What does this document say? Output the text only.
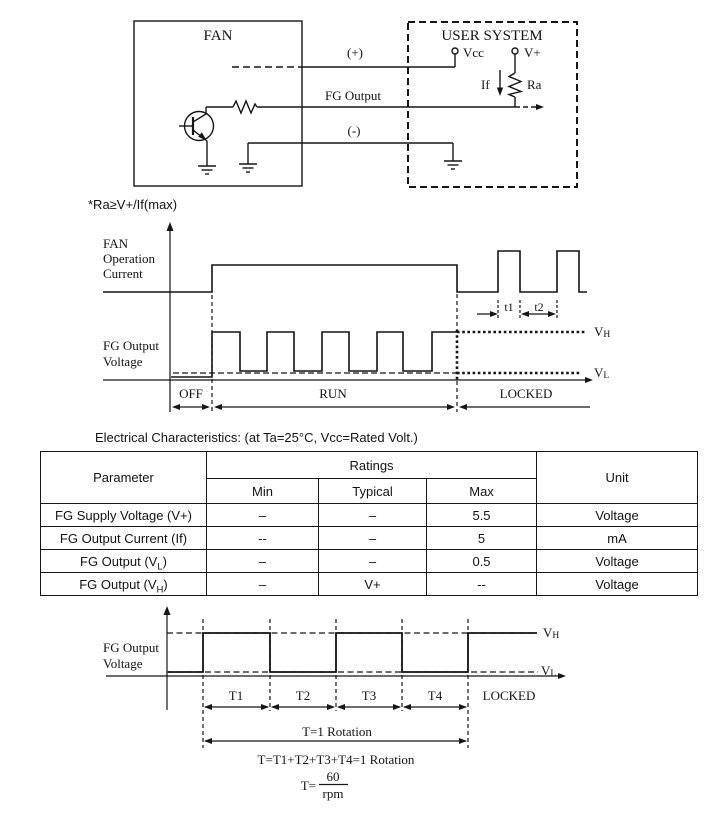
FAN	USER SYSTEM
(+)
(-)
FG Output
Vcc	V+
If	Ra
*Ra≥V+/If(max)
FAN
Operation
Current
FG Output
Voltage
t1 t2
VH
VL
OFF	RUN	LOCKED
Electrical Characteristics: (at Ta=25°C, Vcc=Rated Volt.)
Parameter	Ratings			Unit
	Min	Typical	Max	
FG Supply Voltage (V+)	–	–	5.5	Voltage
FG Output Current (If)	--	–	5	mA
FG Output $(V_L)$	–	–	0.5	Voltage
FG Output $(V_H)$	–	V+	--	Voltage
FG Output
Voltage
VH
VL
T1	T2	T3	T4	LOCKED
T=1 Rotation
T=T1+T2+T3+T4=1 Rotation
T=
60
rpm
